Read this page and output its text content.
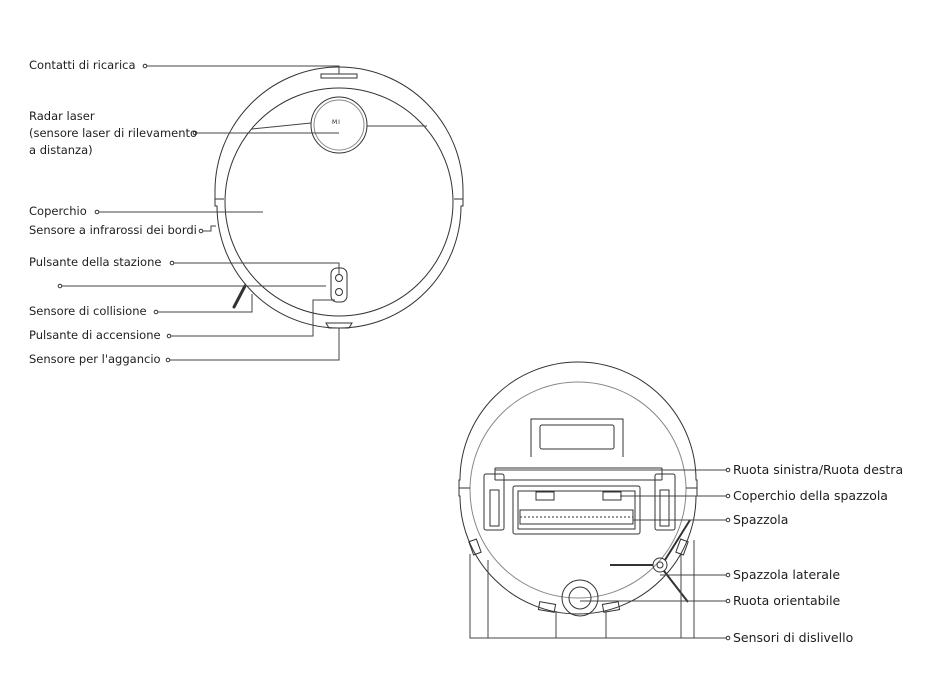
MI
Contatti di ricarica
Radar laser
(sensore laser di rilevamento
a distanza)
Coperchio
Sensore a infrarossi dei bordi
Pulsante della stazione
Sensore di collisione
Pulsante di accensione
Sensore per l'aggancio
Ruota sinistra/Ruota destra
Coperchio della spazzola
Spazzola
Spazzola laterale
Ruota orientabile
Sensori di dislivello
